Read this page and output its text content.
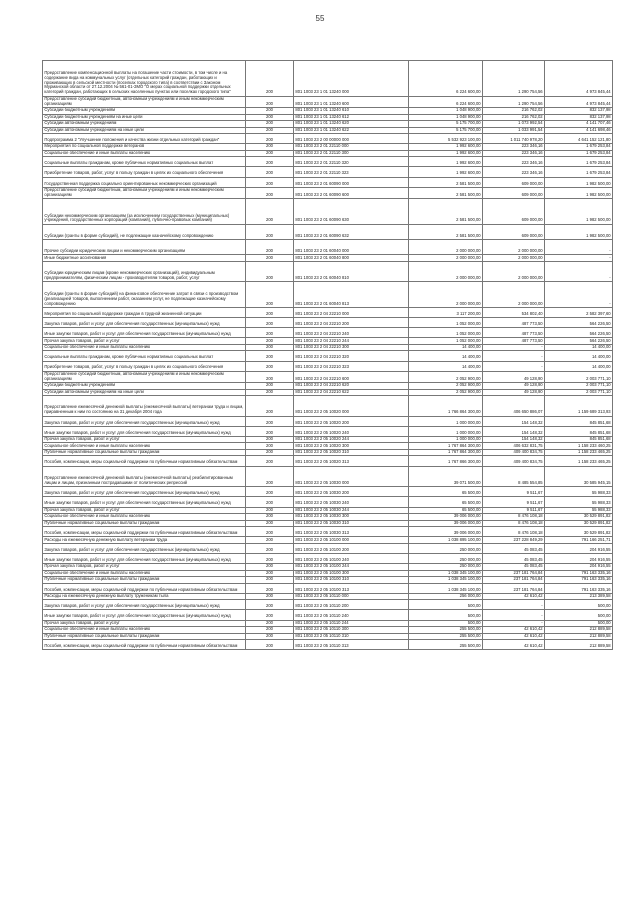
55
Предоставление компенсационной выплаты на погашение части стоимости, в том числе и на содержание вида на коммунальных услуг (отдельных категорий граждан, работающих и проживающих в сельской местности (поселках городского типа) в соответствии с Законом Мурманской области от 27.12.2004 № 561-01-ЗМО "О мерах социальной поддержки отдельных категорий граждан, работающих в сельских населенных пунктах или поселках городского типа"	200	801 1003 23 1 01 13240 000	6 224 600,00	1 290 754,56	4 973 845,44
Предоставление субсидий бюджетным, автономным учреждениям и иным некоммерческим организациям	200	801 1003 23 1 01 13240 600	6 224 600,00	1 290 754,56	4 973 845,44
Субсидии бюджетным учреждениям	200	801 1003 23 1 01 13240 610	1 048 900,00	216 762,02	832 137,98
Субсидии бюджетным учреждениям на иные цели	200	801 1003 23 1 01 13240 612	1 048 900,00	216 762,02	832 137,98
Субсидии автономным учреждениям	200	801 1003 23 1 01 13240 620	5 175 700,00	1 073 992,54	4 141 707,46
Субсидии автономным учреждениям на иные цели	200	801 1003 23 1 01 13240 622	5 175 700,00	1 033 991,54	4 141 698,46
Подпрограмма 2 "Улучшение положения и качества жизни отдельных категорий граждан"	200	801 1003 23 2 00 00000 000	5 532 923 100,00	1 011 740 978,20	4 641 152 121,80
Мероприятия по социальной поддержке ветеранов	200	801 1003 23 2 01 22110 000	1 992 600,00	223 346,16	1 679 253,84
Социальное обеспечение и иные выплаты населению	200	801 1003 23 2 01 22110 300	1 992 600,00	223 346,16	1 679 253,84
Социальные выплаты гражданам, кроме публичных нормативных социальных выплат	200	801 1003 23 2 01 22110 320	1 992 600,00	223 346,16	1 679 253,84
Приобретение товаров, работ, услуг в пользу граждан в целях их социального обеспечения	200	801 1003 23 2 01 22110 323	1 992 600,00	223 346,16	1 679 253,84
Государственная поддержка социально ориентированных некоммерческих организаций	200	801 1003 23 2 01 60090 000	2 581 500,00	609 000,00	1 982 500,00
Предоставление субсидий бюджетным, автономным учреждениям и иным некоммерческим организациям	200	801 1003 23 2 01 60090 600	2 581 500,00	609 000,00	1 982 500,00
Субсидии некоммерческим организациям (за исключением государственных (муниципальных) учреждений, государственных корпораций (компаний), публично-правовых компаний)	200	801 1003 23 2 01 60090 630	2 581 500,00	609 000,00	1 982 500,00
Субсидии (гранты в форме субсидий), не подлежащие казначейскому сопровождению	200	801 1003 23 2 01 60090 632	2 581 500,00	609 000,00	1 982 500,00
Прочие субсидии юридическим лицам и некоммерческим организациям	200	801 1003 23 2 01 60040 000	2 000 000,00	2 000 000,00	-
Иные бюджетные ассигнования	200	801 1003 23 2 01 60040 800	2 000 000,00	2 000 000,00	-
Субсидии юридическим лицам (кроме некоммерческих организаций), индивидуальным предпринимателям, физическим лицам - производителям товаров, работ, услуг	200	801 1003 23 2 01 60040 810	2 000 000,00	2 000 000,00	-
Субсидии (гранты в форме субсидий) на финансовое обеспечение затрат в связи с производством (реализацией товаров, выполнением работ, оказанием услуг, не подлежащие казначейскому сопровождению	200	801 1003 23 2 01 60040 813	2 000 000,00	2 000 000,00	-
Мероприятия по социальной поддержке граждан в трудной жизненной ситуации	200	801 1003 23 2 04 22210 000	3 117 200,00	534 802,40	2 582 397,60
Закупка товаров, работ и услуг для обеспечения государственных (муниципальных) нужд	200	801 1003 23 2 04 22210 200	1 052 000,00	487 773,50	564 226,50
Иные закупки товаров, работ и услуг для обеспечения государственных (муниципальных) нужд	200	801 1003 23 2 04 22210 240	1 052 000,00	487 773,50	564 226,50
Прочая закупка товаров, работ и услуг	200	801 1003 23 2 04 22210 244	1 052 000,00	487 773,50	564 226,50
Социальное обеспечение и иные выплаты населению	200	801 1003 23 2 04 22210 300	14 400,00	-	14 400,00
Социальные выплаты гражданам, кроме публичных нормативных социальных выплат	200	801 1003 23 2 04 22210 320	14 400,00	-	14 400,00
Приобретение товаров, работ, услуг в пользу граждан в целях их социального обеспечения	200	801 1003 23 2 04 22210 323	14 400,00	-	14 400,00
Предоставление субсидий бюджетным, автономным учреждениям и иным некоммерческим организациям	200	801 1003 23 2 04 22210 600	2 052 900,00	49 128,90	2 003 771,10
Субсидии бюджетным учреждениям	200	801 1003 23 2 04 22210 620	2 052 900,00	49 128,90	2 003 771,10
Субсидии автономным учреждениям на иные цели	200	801 1003 23 2 04 22210 622	2 052 900,00	49 128,90	2 003 771,10
Предоставление ежемесячной денежной выплаты (ежемесячной выплаты) ветеранам труда и лицам, приравненным к ним по состоянию на 31 декабря 2004 года	200	801 1003 23 2 05 10020 000	1 766 864 300,00	406 650 886,07	1 159 689 313,93
Закупка товаров, работ и услуг для обеспечения государственных (муниципальных) нужд	200	801 1003 23 2 05 10020 200	1 000 000,00	154 148,32	845 851,68
Иные закупки товаров, работ и услуг для обеспечения государственных (муниципальных) нужд	200	801 1003 23 2 05 10020 240	1 000 000,00	154 148,32	845 851,68
Прочая закупка товаров, работ и услуг	200	801 1003 23 2 05 10020 244	1 000 000,00	154 148,32	845 851,68
Социальное обеспечение и иные выплаты населению	200	801 1003 23 2 05 10020 300	1 767 864 300,00	406 632 831,75	1 158 233 460,25
Публичные нормативные социальные выплаты гражданам	200	801 1003 23 2 05 10020 310	1 767 864 300,00	409 400 834,75	1 158 233 465,25
Пособия, компенсации, меры социальной поддержки по публичным нормативным обязательствам	200	801 1003 23 2 05 10020 313	1 767 866 300,00	409 400 834,75	1 158 233 465,25
Предоставление ежемесячной денежной выплаты (ежемесячной выплаты) реабилитированным лицам и лицам, признанным пострадавшими от политических репрессий	200	801 1003 23 2 05 10030 000	39 071 500,00	8 485 554,85	30 585 945,15
Закупка товаров, работ и услуг для обеспечения государственных (муниципальных) нужд	200	801 1003 23 2 05 10030 200	65 500,00	9 511,67	55 988,33
Иные закупки товаров, работ и услуг для обеспечения государственных (муниципальных) нужд	200	801 1003 23 2 05 10030 240	65 500,00	9 511,67	55 988,33
Прочая закупка товаров, работ и услуг	200	801 1003 23 2 05 10030 244	65 500,00	9 511,67	55 988,33
Социальное обеспечение и иные выплаты населению	200	801 1003 23 2 05 10030 300	39 006 000,00	8 476 108,18	30 529 891,82
Публичные нормативные социальные выплаты гражданам	200	801 1003 23 2 05 10030 310	39 006 000,00	8 476 108,18	30 529 891,82
Пособия, компенсации, меры социальной поддержки по публичным нормативным обязательствам	200	801 1003 23 2 05 10030 313	39 006 000,00	8 476 108,18	30 529 891,82
Расходы на ежемесячную денежную выплату ветеранам труда	200	801 1003 23 2 05 10100 000	1 038 895 100,00	237 228 849,29	791 166 251,71
Закупка товаров, работ и услуг для обеспечения государственных (муниципальных) нужд	200	801 1003 23 2 05 10100 200	250 000,00	45 083,45	204 916,55
Иные закупки товаров, работ и услуг для обеспечения государственных (муниципальных) нужд	200	801 1003 23 2 05 10100 240	250 000,00	45 083,45	204 916,55
Прочая закупка товаров, работ и услуг	200	801 1003 23 2 05 10100 244	250 000,00	45 083,45	204 916,55
Социальное обеспечение и иные выплаты населению	200	801 1003 23 2 05 10100 300	1 038 345 100,00	237 181 764,84	791 163 335,16
Публичные нормативные социальные выплаты гражданам	200	801 1003 23 2 05 10100 310	1 038 345 100,00	237 181 764,84	791 163 335,16
Пособия, компенсации, меры социальной поддержки по публичным нормативным обязательствам	200	801 1003 23 2 05 10100 313	1 038 345 100,00	237 181 764,84	791 163 335,16
Расходы на ежемесячную денежную выплату труженикам тыла	200	801 1003 23 2 05 10110 000	256 000,00	42 610,42	213 389,58
Закупка товаров, работ и услуг для обеспечения государственных (муниципальных) нужд	200	801 1003 23 2 05 10110 200	500,00	-	500,00
Иные закупки товаров, работ и услуг для обеспечения государственных (муниципальных) нужд	200	801 1003 23 2 05 10110 240	500,00	-	500,00
Прочая закупка товаров, работ и услуг	200	801 1003 23 2 05 10110 244	500,00	-	500,00
Социальное обеспечение и иные выплаты населению	200	801 1003 23 2 05 10110 300	255 500,00	42 610,42	212 889,58
Публичные нормативные социальные выплаты гражданам	200	801 1003 23 2 05 10110 310	255 500,00	42 610,42	212 889,58
Пособия, компенсации, меры социальной поддержки по публичным нормативным обязательствам	200	801 1003 23 2 05 10110 313	255 500,00	42 610,42	212 889,58
